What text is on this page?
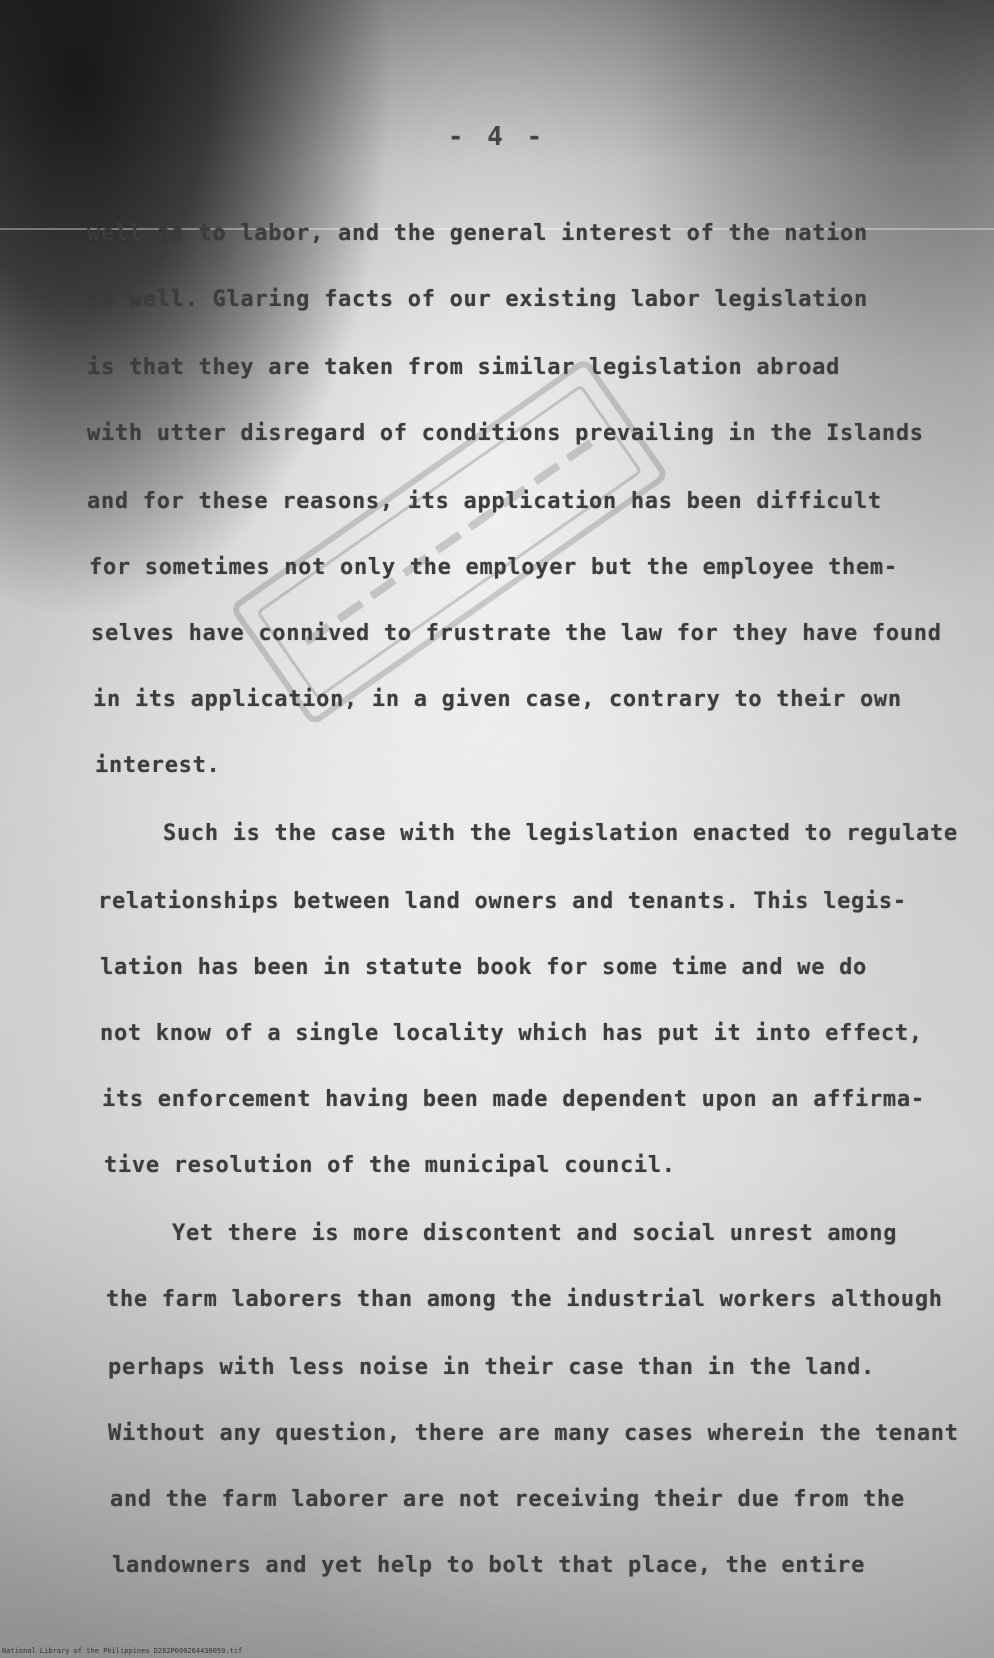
- 4 -
well as to labor, and the general interest of the nation
as well. Glaring facts of our existing labor legislation
is that they are taken from similar legislation abroad
with utter disregard of conditions prevailing in the Islands
and for these reasons, its application has been difficult
for sometimes not only the employer but the employee them-
selves have connived to frustrate the law for they have found
in its application, in a given case, contrary to their own
interest.
Such is the case with the legislation enacted to regulate
relationships between land owners and tenants. This legis-
lation has been in statute book for some time and we do
not know of a single locality which has put it into effect,
its enforcement having been made dependent upon an affirma-
tive resolution of the municipal council.
Yet there is more discontent and social unrest among
the farm laborers than among the industrial workers although
perhaps with less noise in their case than in the land.
Without any question, there are many cases wherein the tenant
and the farm laborer are not receiving their due from the
landowners and yet help to bolt that place, the entire
National Library of the Philippines D282P000264430059.tif
